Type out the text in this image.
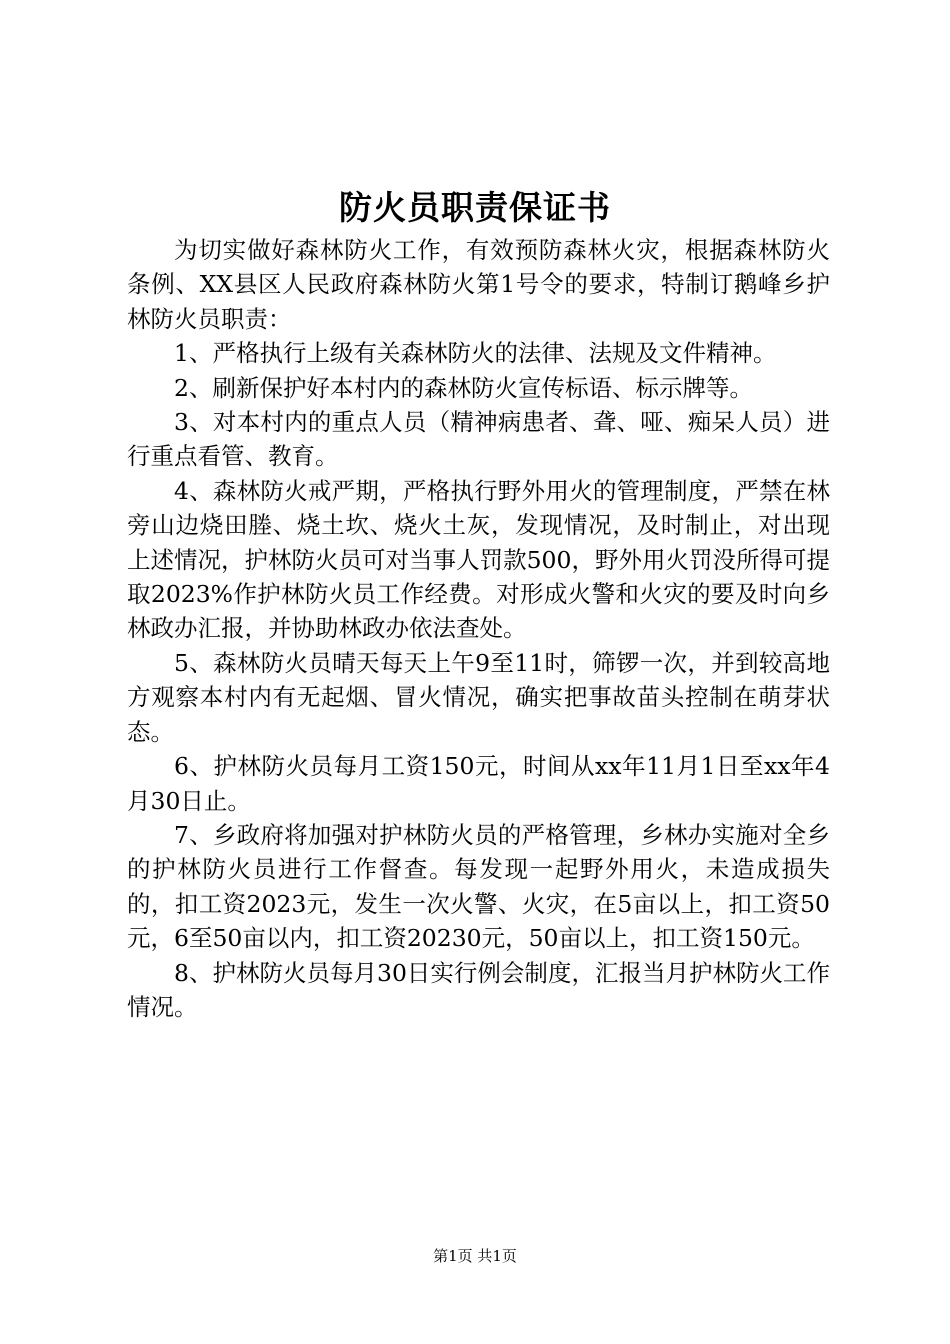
防火员职责保证书

为切实做好森林防火工作，有效预防森林火灾，根据森林防火条例、XX县区人民政府森林防火第1号令的要求，特制订鹅峰乡护林防火员职责：

1、严格执行上级有关森林防火的法律、法规及文件精神。

2、刷新保护好本村内的森林防火宣传标语、标示牌等。

3、对本村内的重点人员（精神病患者、聋、哑、痴呆人员）进行重点看管、教育。

4、森林防火戒严期，严格执行野外用火的管理制度，严禁在林旁山边烧田塍、烧土坎、烧火土灰，发现情况，及时制止，对出现上述情况，护林防火员可对当事人罚款500，野外用火罚没所得可提取2023%作护林防火员工作经费。对形成火警和火灾的要及时向乡林政办汇报，并协助林政办依法查处。

5、森林防火员晴天每天上午9至11时，筛锣一次，并到较高地方观察本村内有无起烟、冒火情况，确实把事故苗头控制在萌芽状态。

6、护林防火员每月工资150元，时间从xx年11月1日至xx年4月30日止。

7、乡政府将加强对护林防火员的严格管理，乡林办实施对全乡的护林防火员进行工作督查。每发现一起野外用火，未造成损失的，扣工资2023元，发生一次火警、火灾，在5亩以上，扣工资50元，6至50亩以内，扣工资20230元，50亩以上，扣工资150元。

8、护林防火员每月30日实行例会制度，汇报当月护林防火工作情况。

第1页 共1页
